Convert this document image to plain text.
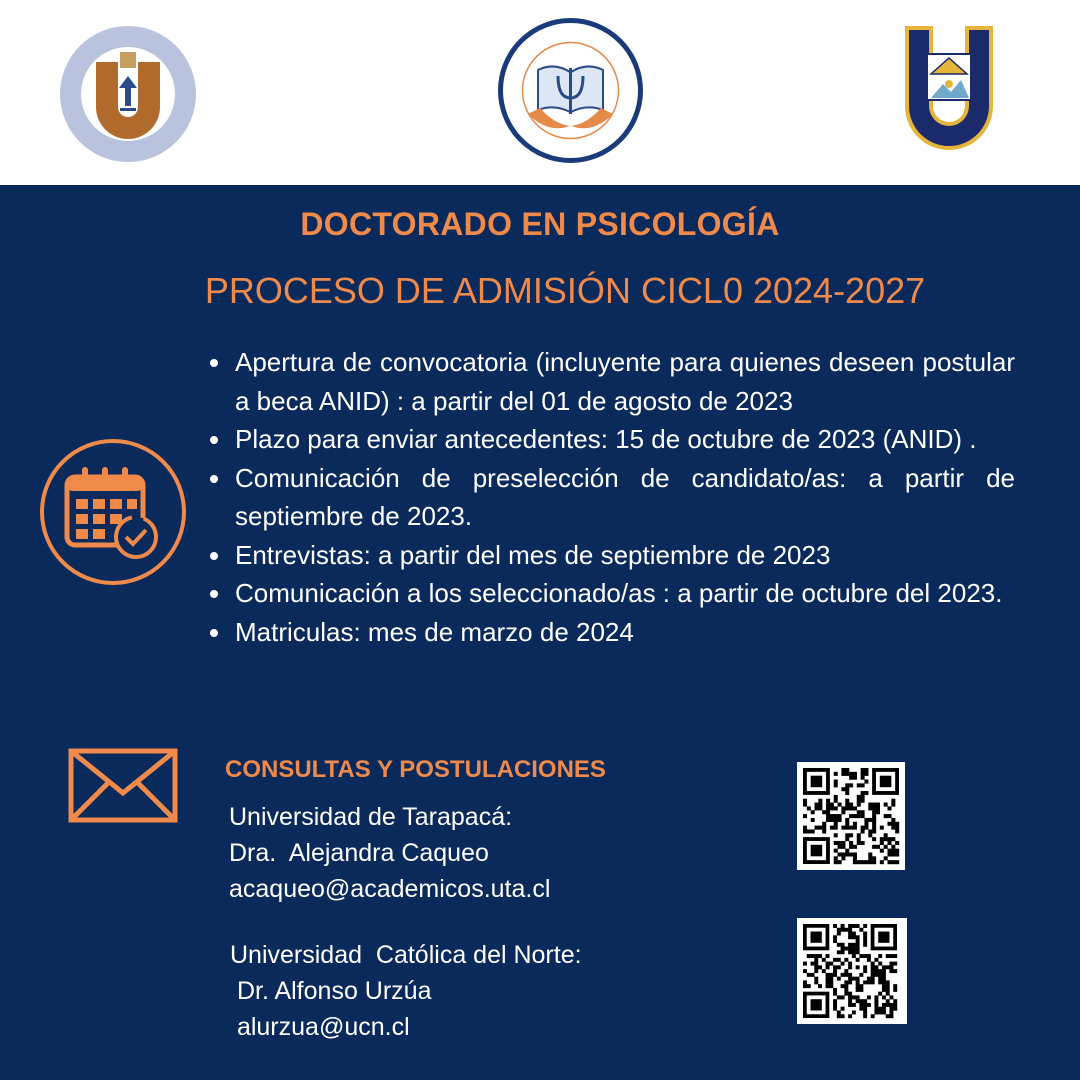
DOCTORADO EN PSICOLOGÍA
PROCESO DE ADMISIÓN CICL0 2024-2027
Apertura de convocatoria (incluyente para quienes deseen postular a beca ANID) : a partir del 01 de agosto de 2023
Plazo para enviar antecedentes: 15 de octubre de 2023 (ANID) .
Comunicación de preselección de candidato/as: a partir de septiembre de 2023.
Entrevistas: a partir del mes de septiembre de 2023
Comunicación a los seleccionado/as : a partir de octubre del 2023.
Matriculas: mes de marzo de 2024
CONSULTAS Y POSTULACIONES
Universidad de Tarapacá:
Dra.  Alejandra Caqueo
acaqueo@academicos.uta.cl
Universidad  Católica del Norte:
Dr. Alfonso Urzúa
alurzua@ucn.cl
